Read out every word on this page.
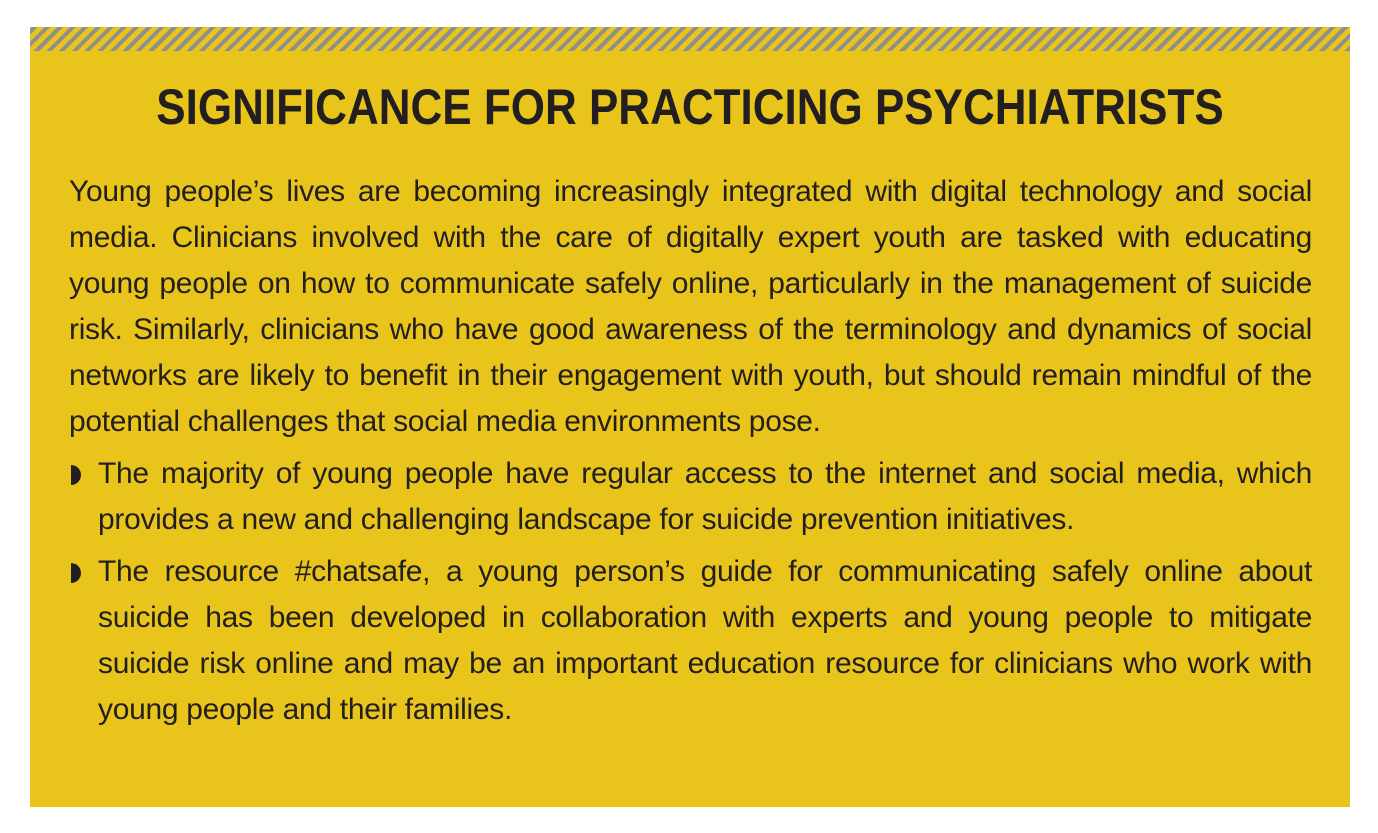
SIGNIFICANCE FOR PRACTICING PSYCHIATRISTS

Young people’s lives are becoming increasingly integrated with digital technology and social media. Clinicians involved with the care of digitally expert youth are tasked with educating young people on how to communicate safely online, particularly in the management of suicide risk. Similarly, clinicians who have good awareness of the terminology and dynamics of social networks are likely to benefit in their engagement with youth, but should remain mindful of the potential challenges that social media environments pose.

The majority of young people have regular access to the internet and social media, which provides a new and challenging landscape for suicide prevention initiatives.
The resource #chatsafe, a young person’s guide for communicating safely online about suicide has been developed in collaboration with experts and young people to mitigate suicide risk online and may be an important education resource for clinicians who work with young people and their families.
